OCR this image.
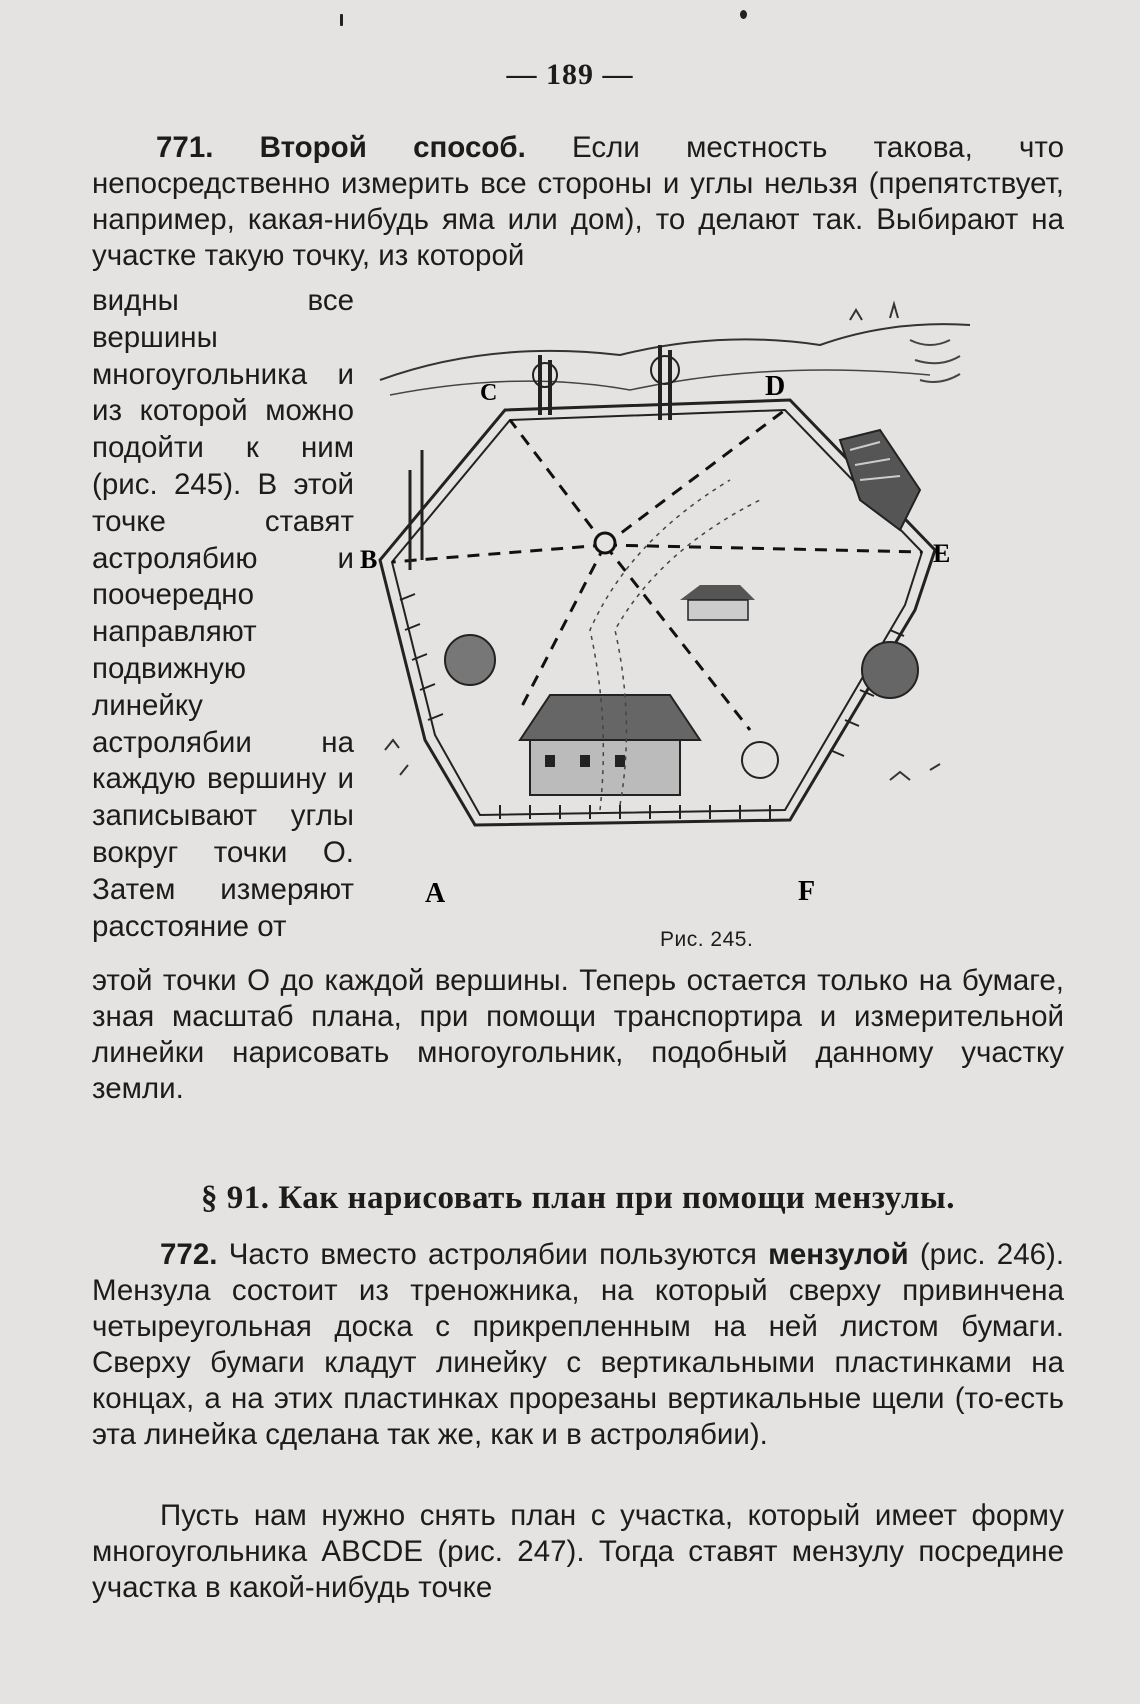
— 189 —
771. Второй способ. Если местность такова, что непосредственно измерить все стороны и углы нельзя (препятствует, например, какая-нибудь яма или дом), то делают так. Выбирают на участке такую точку, из которой
видны все вершины многоугольника и из которой можно подойти к ним (рис. 245). В этой точке ставят астролябию и поочередно направляют подвижную линейку астролябии на каждую вершину и записывают углы вокруг точки О. Затем измеряют расстояние от
C	D
B	E
A	F
Рис. 245.
этой точки О до каждой вершины. Теперь остается только на бумаге, зная масштаб плана, при помощи транспортира и измерительной линейки нарисовать многоугольник, подобный данному участку земли.
§ 91. Как нарисовать план при помощи мензулы.
772. Часто вместо астролябии пользуются мензулой (рис. 246). Мензула состоит из треножника, на который сверху привинчена четыреугольная доска с прикрепленным на ней листом бумаги. Сверху бумаги кладут линейку с вертикальными пластинками на концах, а на этих пластинках прорезаны вертикальные щели (то-есть эта линейка сделана так же, как и в астролябии).
Пусть нам нужно снять план с участка, который имеет форму многоугольника ABCDE (рис. 247). Тогда ставят мензулу посредине участка в какой-нибудь точке
